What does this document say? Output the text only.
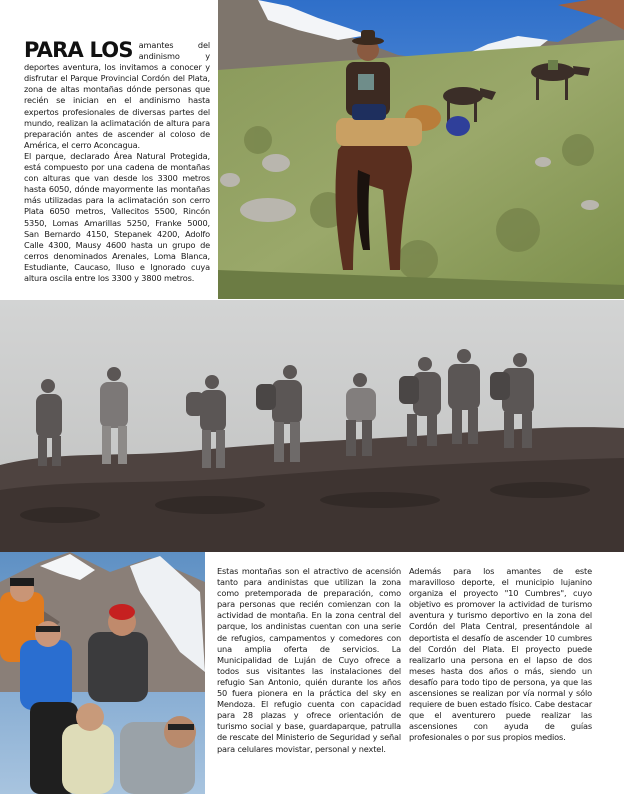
PARA LOS amantes del andinismo y deportes aventura, los invitamos a conocer y disfrutar el Parque Provincial Cordón del Plata, zona de altas montañas dónde personas que recién se inician en el andinismo hasta expertos profesionales de diversas partes del mundo, realizan la aclimatación de altura para preparación antes de ascender al coloso de América, el cerro Aconcagua.

El parque, declarado Área Natural Protegida, está compuesto por una cadena de montañas con alturas que van desde los 3300 metros hasta 6050, dónde mayormente las montañas más utilizadas para la aclimatación son cerro Plata 6050 metros, Vallecitos 5500, Rincón 5350, Lomas Amarillas 5250, Franke 5000, San Bernardo 4150, Stepanek 4200, Adolfo Calle 4300, Mausy 4600 hasta un grupo de cerros denominados Arenales, Loma Blanca, Estudiante, Caucaso, Iluso e Ignorado cuya altura oscila entre los 3300 y 3800 metros.

Estas montañas son el atractivo de acensión tanto para andinistas que utilizan la zona como pretemporada de preparación, como para personas que recién comienzan con la actividad de montaña. En la zona central del parque, los andinistas cuentan con una serie de refugios, campamentos y comedores con una amplia oferta de servicios. La Municipalidad de Luján de Cuyo ofrece a todos sus visitantes las instalaciones del refugio San Antonio, quién durante los años 50 fuera pionera en la práctica del sky en Mendoza. El refugio cuenta con capacidad para 28 plazas y ofrece orientación de turismo social y base, guardaparque, patrulla de rescate del Ministerio de Seguridad y señal para celulares movistar, personal y nextel.

Además para los amantes de este maravilloso deporte, el municipio lujanino organiza el proyecto "10 Cumbres", cuyo objetivo es promover la actividad de turismo aventura y turismo deportivo en la zona del Cordón del Plata Central, presentándole al deportista el desafío de ascender 10 cumbres del Cordón del Plata. El proyecto puede realizarlo una persona en el lapso de dos meses hasta dos años o más, siendo un desafío para todo tipo de persona, ya que las ascensiones se realizan por vía normal y sólo requiere de buen estado físico. Cabe destacar que el aventurero puede realizar las ascensiones con ayuda de guías profesionales o por sus propios medios.
